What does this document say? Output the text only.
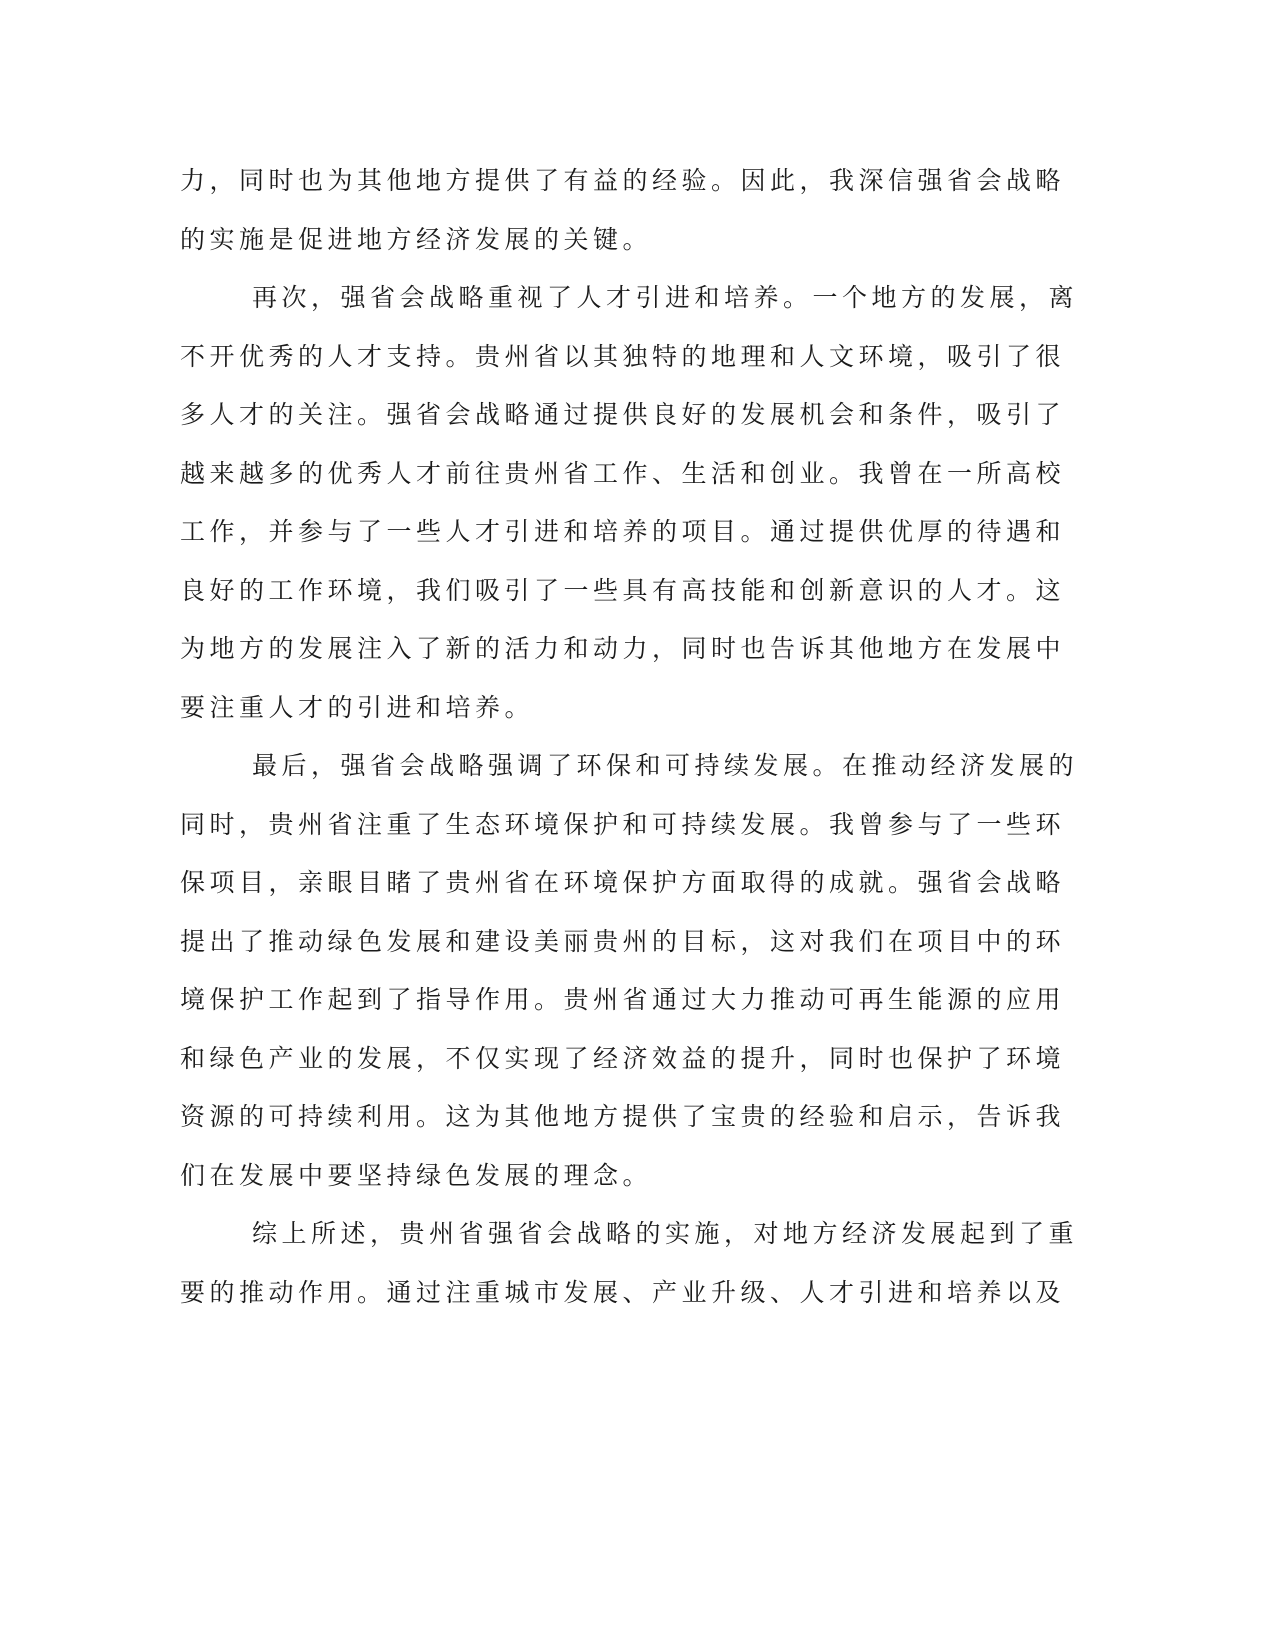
力，同时也为其他地方提供了有益的经验。因此，我深信强省会战略
的实施是促进地方经济发展的关键。
再次，强省会战略重视了人才引进和培养。一个地方的发展，离
不开优秀的人才支持。贵州省以其独特的地理和人文环境，吸引了很
多人才的关注。强省会战略通过提供良好的发展机会和条件，吸引了
越来越多的优秀人才前往贵州省工作、生活和创业。我曾在一所高校
工作，并参与了一些人才引进和培养的项目。通过提供优厚的待遇和
良好的工作环境，我们吸引了一些具有高技能和创新意识的人才。这
为地方的发展注入了新的活力和动力，同时也告诉其他地方在发展中
要注重人才的引进和培养。
最后，强省会战略强调了环保和可持续发展。在推动经济发展的
同时，贵州省注重了生态环境保护和可持续发展。我曾参与了一些环
保项目，亲眼目睹了贵州省在环境保护方面取得的成就。强省会战略
提出了推动绿色发展和建设美丽贵州的目标，这对我们在项目中的环
境保护工作起到了指导作用。贵州省通过大力推动可再生能源的应用
和绿色产业的发展，不仅实现了经济效益的提升，同时也保护了环境
资源的可持续利用。这为其他地方提供了宝贵的经验和启示，告诉我
们在发展中要坚持绿色发展的理念。
综上所述，贵州省强省会战略的实施，对地方经济发展起到了重
要的推动作用。通过注重城市发展、产业升级、人才引进和培养以及
